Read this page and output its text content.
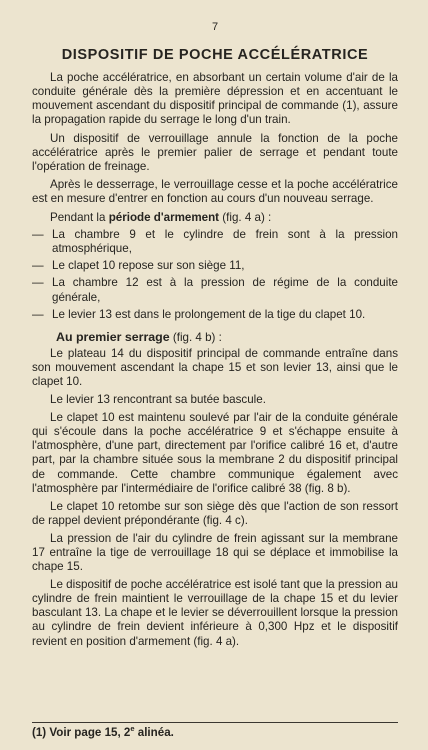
7
DISPOSITIF DE POCHE ACCÉLÉRATRICE

La poche accélératrice, en absorbant un certain volume d'air de la conduite générale dès la première dépression et en accentuant le mouvement ascendant du dispositif principal de commande (1), assure la propagation rapide du serrage le long d'un train.

Un dispositif de verrouillage annule la fonction de la poche accélératrice après le premier palier de serrage et pendant toute l'opération de freinage.

Après le desserrage, le verrouillage cesse et la poche accélératrice est en mesure d'entrer en fonction au cours d'un nouveau serrage.

Pendant la période d'armement (fig. 4 a) :
— La chambre 9 et le cylindre de frein sont à la pression atmosphérique,
— Le clapet 10 repose sur son siège 11,
— La chambre 12 est à la pression de régime de la conduite générale,
— Le levier 13 est dans le prolongement de la tige du clapet 10.
Au premier serrage (fig. 4 b) :

Le plateau 14 du dispositif principal de commande entraîne dans son mouvement ascendant la chape 15 et son levier 13, ainsi que le clapet 10.

Le levier 13 rencontrant sa butée bascule.

Le clapet 10 est maintenu soulevé par l'air de la conduite générale qui s'écoule dans la poche accélératrice 9 et s'échappe ensuite à l'atmosphère, d'une part, directement par l'orifice calibré 16 et, d'autre part, par la chambre située sous la membrane 2 du dispositif principal de commande. Cette chambre communique également avec l'atmosphère par l'intermédiaire de l'orifice calibré 38 (fig. 8 b).

Le clapet 10 retombe sur son siège dès que l'action de son ressort de rappel devient prépondérante (fig. 4 c).

La pression de l'air du cylindre de frein agissant sur la membrane 17 entraîne la tige de verrouillage 18 qui se déplace et immobilise la chape 15.

Le dispositif de poche accélératrice est isolé tant que la pression au cylindre de frein maintient le verrouillage de la chape 15 et du levier basculant 13. La chape et le levier se déverrouillent lorsque la pression au cylindre de frein devient inférieure à 0,300 Hpz et le dispositif revient en position d'armement (fig. 4 a).

(1) Voir page 15, 2e alinéa.
